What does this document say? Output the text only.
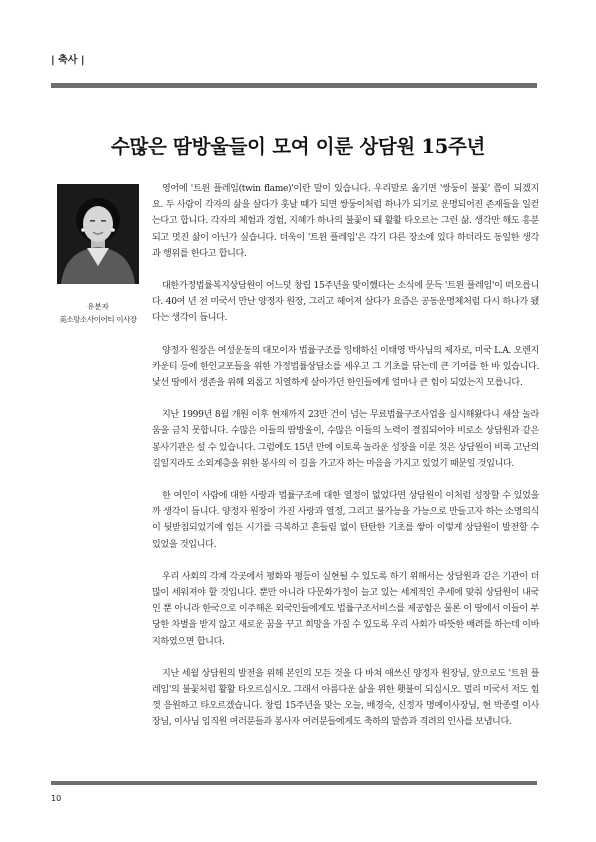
| 축사 |
수많은 땀방울들이 모여 이룬 상담원 15주년
유분자
美소망소사이어티 이사장

영어에 '트윈 플레임(twin flame)'이란 말이 있습니다. 우리말로 옮기면 '쌍둥이 불꽃' 쯤이 되겠지요. 두 사람이 각자의 삶을 살다가 훗날 때가 되면 쌍둥이처럼 하나가 되기로 운명되어진 존재들을 일컫는다고 합니다. 각자의 체험과 경험, 지혜가 하나의 불꽃이 돼 활활 타오르는 그런 삶. 생각만 해도 흥분되고 멋진 삶이 아닌가 싶습니다. 더욱이 '트윈 플레임'은 각기 다른 장소에 있다 하더라도 동일한 생각과 행위를 한다고 합니다.

대한가정법률복지상담원이 어느덧 창립 15주년을 맞이했다는 소식에 문득 '트윈 플레임'이 떠오릅니다. 40여 년 전 미국서 만난 양정자 원장, 그리고 헤어져 살다가 요즘은 공동운명체처럼 다시 하나가 됐다는 생각이 듭니다.

양정자 원장은 여성운동의 대모이자 법률구조를 잉태하신 이태영 박사님의 제자로, 미국 L.A. 오렌지카운티 등에 한인교포들을 위한 가정법률상담소를 세우고 그 기초를 닦는데 큰 기여를 한 바 있습니다. 낯선 땅에서 생존을 위해 외롭고 치열하게 살아가던 한인들에게 얼마나 큰 힘이 되었는지 모릅니다.

지난 1999년 8월 개원 이후 현재까지 23만 건이 넘는 무료법률구조사업을 실시해왔다니 새삼 놀라움을 금치 못합니다. 수많은 이들의 땀방울이, 수많은 이들의 노력이 결집되어야 비로소 상담원과 같은 봉사기관은 설 수 있습니다. 그럼에도 15년 만에 이토록 놀라운 성장을 이룬 것은 상담원이 비록 고난의 길일지라도 소외계층을 위한 봉사의 이 길을 가고자 하는 마음을 가지고 있었기 때문일 것입니다.

한 여인이 사람에 대한 사랑과 법률구조에 대한 열정이 없었다면 상담원이 이처럼 성장할 수 있었을까 생각이 듭니다. 양정자 원장이 가진 사랑과 열정, 그리고 불가능을 가능으로 만들고자 하는 소명의식이 뒷받침되었기에 힘든 시기를 극복하고 흔들림 없이 탄탄한 기초를 쌓아 이렇게 상담원이 발전할 수 있었을 것입니다.

우리 사회의 각계 각곳에서 평화와 평등이 실현될 수 있도록 하기 위해서는 상담원과 같은 기관이 더 많이 세워져야 할 것입니다. 뿐만 아니라 다문화가정이 늘고 있는 세계적인 추세에 맞춰 상담원이 내국인 뿐 아니라 한국으로 이주해온 외국인들에게도 법률구조서비스를 제공함은 물론 이 땅에서 이들이 부당한 차별을 받지 않고 새로운 꿈을 꾸고 희망을 가질 수 있도록 우리 사회가 따뜻한 배려를 하는데 이바지하였으면 합니다.

지난 세월 상담원의 발전을 위해 본인의 모든 것을 다 바쳐 애쓰신 양정자 원장님, 앞으로도 '트윈 플레임'의 불꽃처럼 활활 타오르십시오. 그래서 아름다운 삶을 위한 횃불이 되십시오. 멀리 미국서 저도 힘껏 응원하고 타오르겠습니다. 창립 15주년을 맞는 오늘, 배경숙, 신정자 명예이사장님, 현 박종렬 이사장님, 이사님 임직원 여러분들과 봉사자 여러분들에게도 축하의 말씀과 격려의 인사를 보냅니다.

10
